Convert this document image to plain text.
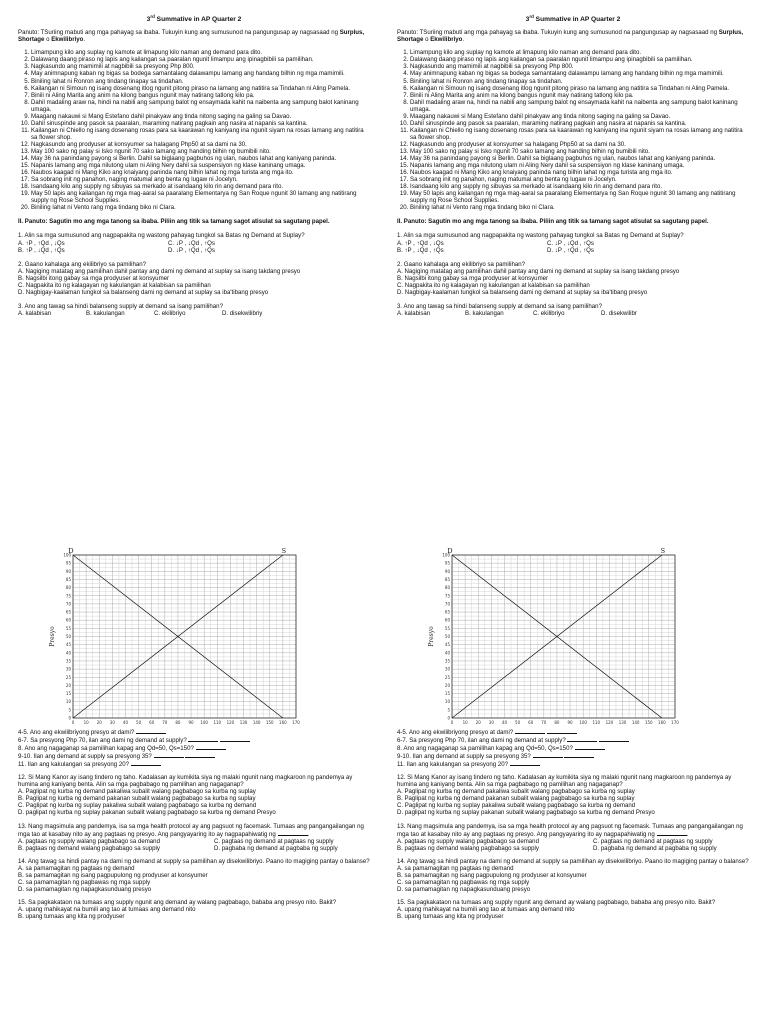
3rd Summative in AP Quarter 2

Panuto: TSuriing mabuti ang mga pahayag sa ibaba. Tukuyin kung ang sumusunod na pangungusap ay nagsasaad ng Surplus, Shortage o Ekwilibriyo.

1. Limampung kilo ang suplay ng kamote at limapung kilo naman ang demand para dito.
2. Dalawang daang piraso ng lapis ang kailangan sa paaralan ngunit limampu ang ipinagbibili sa pamilihan.
3. Nagkasundo ang mamimili at nagbibili sa presyong Php 800.
4. May animnapung kaban ng bigas sa bodega samantalang dalawampu lamang ang handang bilhin ng mga mamimili.
5. Biniling lahat ni Ronron ang tindang tinapay sa tindahan.
6. Kailangan ni Simoun ng isang dosenang itlog ngunit pitong piraso na lamang ang natitira sa Tindahan ni Aling Pamela.
7. Binili ni Aling Marita ang anim na kilong bangus ngunit may natirang tatlong kilo pa.
8. Dahil madaling araw na, hindi na nabili ang sampung balot ng ensaymada kahit na naibenta ang sampung balot kaninang umaga.
9. Maagang nakauwi si Mang Estefano dahil pinakyaw ang tinda nitong saging na galing sa Davao.
10. Dahil sinuspinde ang pasok sa paaralan, maraming natirang pagkain ang nasira at napanis sa kantina.
11. Kailangan ni Chiello ng isang dosenang rosas para sa kaarawan ng kaniyang ina ngunit siyam na rosas lamang ang natitira sa flower shop.
12. Nagkasundo ang prodyuser at konsyumer sa halagang Php50 at sa dami na 30.
13. May 100 sako ng palay si Isko ngunit 70 sako lamang ang handing bilhin ng bumibili nito.
14. May 36 na panindang payong si Berlin. Dahil sa biglaang pagbuhos ng ulan, naubos lahat ang kaniyang paninda.
15. Napanis lamang ang mga nilutong ulam ni Aling Nery dahil sa suspensiyon ng klase kaninang umaga.
16. Naubos kaagad ni Mang Kiko ang knaiyang paninda nang bilhin lahat ng mga turista ang mga ito.
17. Sa sobrang init ng panahon, naging matumal ang benta ng lugaw ni Jocelyn.
18. Isandaang kilo ang supply ng sibuyas sa merkado at isandaang kilo rin ang demand para rito.
19. May 50 lapis ang kailangan ng mga mag-aaral sa paaralang Elementarya ng San Roque ngunit 30 lamang ang natitirang supply ng Rose School Supplies.
20. Biniling lahat ni Vento rang mga tindang biko ni Clara.

II. Panuto: Sagutin mo ang mga tanong sa ibaba. Piliin ang titik sa tamang sagot atisulat sa sagutang papel.

1. Alin sa mga sumusunod ang nagpapakita ng wastong pahayag tungkol sa Batas ng Demand at Suplay?

A. ↑P , ↑Qd , ↓Qs	C. ↓P , ↓Qd , ↑Qs
B. ↑P , ↓Qd , ↑Qs	D. ↓P , ↑Qd , ↑Qs

2. Gaano kahalaga ang ekilibriyo sa pamilihan?

A. Nagiging matatag ang pamilihan dahil pantay ang dami ng demand at suplay sa isang takdang presyo

B. Nagsilbi itong gabay sa mga prodyuser at konsyumer

C. Nagpakita ito ng kalagayan ng kakulangan at kalabisan sa pamilihan

D. Nagbigay-kaalaman tungkol sa balanseng dami ng demand at suplay sa iba'tibang presyo

3. Ano ang tawag sa hindi balanseng supply at demand sa isang pamilihan?

A. kalabisan	B. kakulangan	C. ekilibriyo	D. disekwilibriy
100
95
90
85
80
75
70
65
60
55
50
45
40
35
30
25
20
15
10
5
0
0 10 20 30 40 50 60 70 80 90 100 110 120 130 140 150 160 170
Presyo
D	S

4-5. Ano ang ekwilibriyong presyo at dami?

6-7. Sa presyong Php 70, ilan ang dami ng demand at supply?

8. Ano ang nagaganap sa pamilihan kapag ang Qd=50, Qs=150?

9-10. Ilan ang demand at supply sa presyong 35?

11. Ilan ang kakulangan sa presyong 20?

12. Si Mang Kanor ay isang tindero ng taho. Kadalasan ay kumikita siya ng malaki ngunit nang magkaroon ng pandemya ay humina ang kaniyang benta. Alin sa mga pagbabago ng pamilihan ang nagaganap?

A. Paglipat ng kurba ng demand pakaliwa subalit walang pagbabago sa kurba ng suplay

B. Paglipat ng kurba ng demand pakanan subalit walang pagbabago sa kurba ng suplay

C. Paglipat ng kurba ng suplay pakaliwa subalit walang pagbabago sa kurba ng demand

D. paglipat ng kurba ng suplay pakanan subalit walang pagbabago sa kurba ng demand Presyo

13. Nang magsimula ang pandemya, isa sa mga health protocol ay ang pagsuot ng facemask. Tumaas ang pangangailangan ng mga tao at kasabay nito ay ang pagtaas ng presyo. Ang pangyayaring ito ay nagpapahiwatig ng	.

A. pagtaas ng supply walang pagbabago sa demand	C. pagtaas ng demand at pagtaas ng supply
B. pagtaas ng demand walang pagbabago sa supply	D. pagbaba ng demand at pagbaba ng supply

14. Ang tawag sa hindi pantay na dami ng demand at supply sa pamilihan ay disekwilibriyo. Paano ito magiging pantay o balanse?

A. sa pamamagitan ng pagtaas ng demand

B. sa pamamagitan ng isang pagpupulong ng prodyuser at konsyumer

C. sa pamamagitan ng pagbawas ng mga supply

D. sa pamamagitan ng napagkasunduang presyo

15. Sa pagkakataon na tumaas ang supply ngunit ang demand ay walang pagbabago, bababa ang presyo nito. Bakit?

A. upang mahikayat na bumili ang tao at tumaas ang demand nito

B. upang tumaas ang kita ng prodyuser

3rd Summative in AP Quarter 2

Panuto: TSuriing mabuti ang mga pahayag sa ibaba. Tukuyin kung ang sumusunod na pangungusap ay nagsasaad ng Surplus, Shortage o Ekwilibriyo.

1. Limampung kilo ang suplay ng kamote at limapung kilo naman ang demand para dito.
2. Dalawang daang piraso ng lapis ang kailangan sa paaralan ngunit limampu ang ipinagbibili sa pamilihan.
3. Nagkasundo ang mamimili at nagbibili sa presyong Php 800.
4. May animnapung kaban ng bigas sa bodega samantalang dalawampu lamang ang handang bilhin ng mga mamimili.
5. Biniling lahat ni Ronron ang tindang tinapay sa tindahan.
6. Kailangan ni Simoun ng isang dosenang itlog ngunit pitong piraso na lamang ang natitira sa Tindahan ni Aling Pamela.
7. Binili ni Aling Marita ang anim na kilong bangus ngunit may natirang tatlong kilo pa.
8. Dahil madaling araw na, hindi na nabili ang sampung balot ng ensaymada kahit na naibenta ang sampung balot kaninang umaga.
9. Maagang nakauwi si Mang Estefano dahil pinakyaw ang tinda nitong saging na galing sa Davao.
10. Dahil sinuspinde ang pasok sa paaralan, maraming natirang pagkain ang nasira at napanis sa kantina.
11. Kailangan ni Chiello ng isang dosenang rosas para sa kaarawan ng kaniyang ina ngunit siyam na rosas lamang ang natitira sa flower shop.
12. Nagkasundo ang prodyuser at konsyumer sa halagang Php50 at sa dami na 30.
13. May 100 sako ng palay si Isko ngunit 70 sako lamang ang handing bilhin ng bumibili nito.
14. May 36 na panindang payong si Berlin. Dahil sa biglaang pagbuhos ng ulan, naubos lahat ang kaniyang paninda.
15. Napanis lamang ang mga nilutong ulam ni Aling Nery dahil sa suspensiyon ng klase kaninang umaga.
16. Naubos kaagad ni Mang Kiko ang knaiyang paninda nang bilhin lahat ng mga turista ang mga ito.
17. Sa sobrang init ng panahon, naging matumal ang benta ng lugaw ni Jocelyn.
18. Isandaang kilo ang supply ng sibuyas sa merkado at isandaang kilo rin ang demand para rito.
19. May 50 lapis ang kailangan ng mga mag-aaral sa paaralang Elementarya ng San Roque ngunit 30 lamang ang natitirang supply ng Rose School Supplies.
20. Biniling lahat ni Vento rang mga tindang biko ni Clara.

II. Panuto: Sagutin mo ang mga tanong sa ibaba. Piliin ang titik sa tamang sagot atisulat sa sagutang papel.

1. Alin sa mga sumusunod ang nagpapakita ng wastong pahayag tungkol sa Batas ng Demand at Suplay?

A. ↑P , ↑Qd , ↓Qs	C. ↓P , ↓Qd , ↑Qs
B. ↑P , ↓Qd , ↑Qs	D. ↓P , ↑Qd , ↑Qs

2. Gaano kahalaga ang ekilibriyo sa pamilihan?

A. Nagiging matatag ang pamilihan dahil pantay ang dami ng demand at suplay sa isang takdang presyo

B. Nagsilbi itong gabay sa mga prodyuser at konsyumer

C. Nagpakita ito ng kalagayan ng kakulangan at kalabisan sa pamilihan

D. Nagbigay-kaalaman tungkol sa balanseng dami ng demand at suplay sa iba'tibang presyo

3. Ano ang tawag sa hindi balanseng supply at demand sa isang pamilihan?

A. kalabisan	B. kakulangan	C. ekilibriyo	D. disekwilibr
100
95
90
85
80
75
70
65
60
55
50
45
40
35
30
25
20
15
10
5
0
0 10 20 30 40 50 60 70 80 90 100 110 120 130 140 150 160 170
Presyo
D	S

4-5. Ano ang ekwilibriyong presyo at dami?

6-7. Sa presyong Php 70, ilan ang dami ng demand at supply?

8. Ano ang nagaganap sa pamilihan kapag ang Qd=50, Qs=150?

9-10. Ilan ang demand at supply sa presyong 35?

11. Ilan ang kakulangan sa presyong 20?

12. Si Mang Kanor ay isang tindero ng taho. Kadalasan ay kumikita siya ng malaki ngunit nang magkaroon ng pandemya ay humina ang kaniyang benta. Alin sa mga pagbabago ng pamilihan ang nagaganap?

A. Paglipat ng kurba ng demand pakaliwa subalit walang pagbabago sa kurba ng suplay

B. Paglipat ng kurba ng demand pakanan subalit walang pagbabago sa kurba ng suplay

C. Paglipat ng kurba ng suplay pakaliwa subalit walang pagbabago sa kurba ng demand

D. paglipat ng kurba ng suplay pakanan subalit walang pagbabago sa kurba ng demand Presyo

13. Nang magsimula ang pandemya, isa sa mga health protocol ay ang pagsuot ng facemask. Tumaas ang pangangailangan ng mga tao at kasabay nito ay ang pagtaas ng presyo. Ang pangyayaring ito ay nagpapahiwatig ng	.

A. pagtaas ng supply walang pagbabago sa demand	C. pagtaas ng demand at pagtaas ng supply
B. pagtaas ng demand walang pagbabago sa supply	D. pagbaba ng demand at pagbaba ng supply

14. Ang tawag sa hindi pantay na dami ng demand at supply sa pamilihan ay disekwilibriyo. Paano ito magiging pantay o balanse?

A. sa pamamagitan ng pagtaas ng demand

B. sa pamamagitan ng isang pagpupulong ng prodyuser at konsyumer

C. sa pamamagitan ng pagbawas ng mga supply

D. sa pamamagitan ng napagkasunduang presyo

15. Sa pagkakataon na tumaas ang supply ngunit ang demand ay walang pagbabago, bababa ang presyo nito. Bakit?

A. upang mahikayat na bumili ang tao at tumaas ang demand nito

B. upang tumaas ang kita ng prodyuser
